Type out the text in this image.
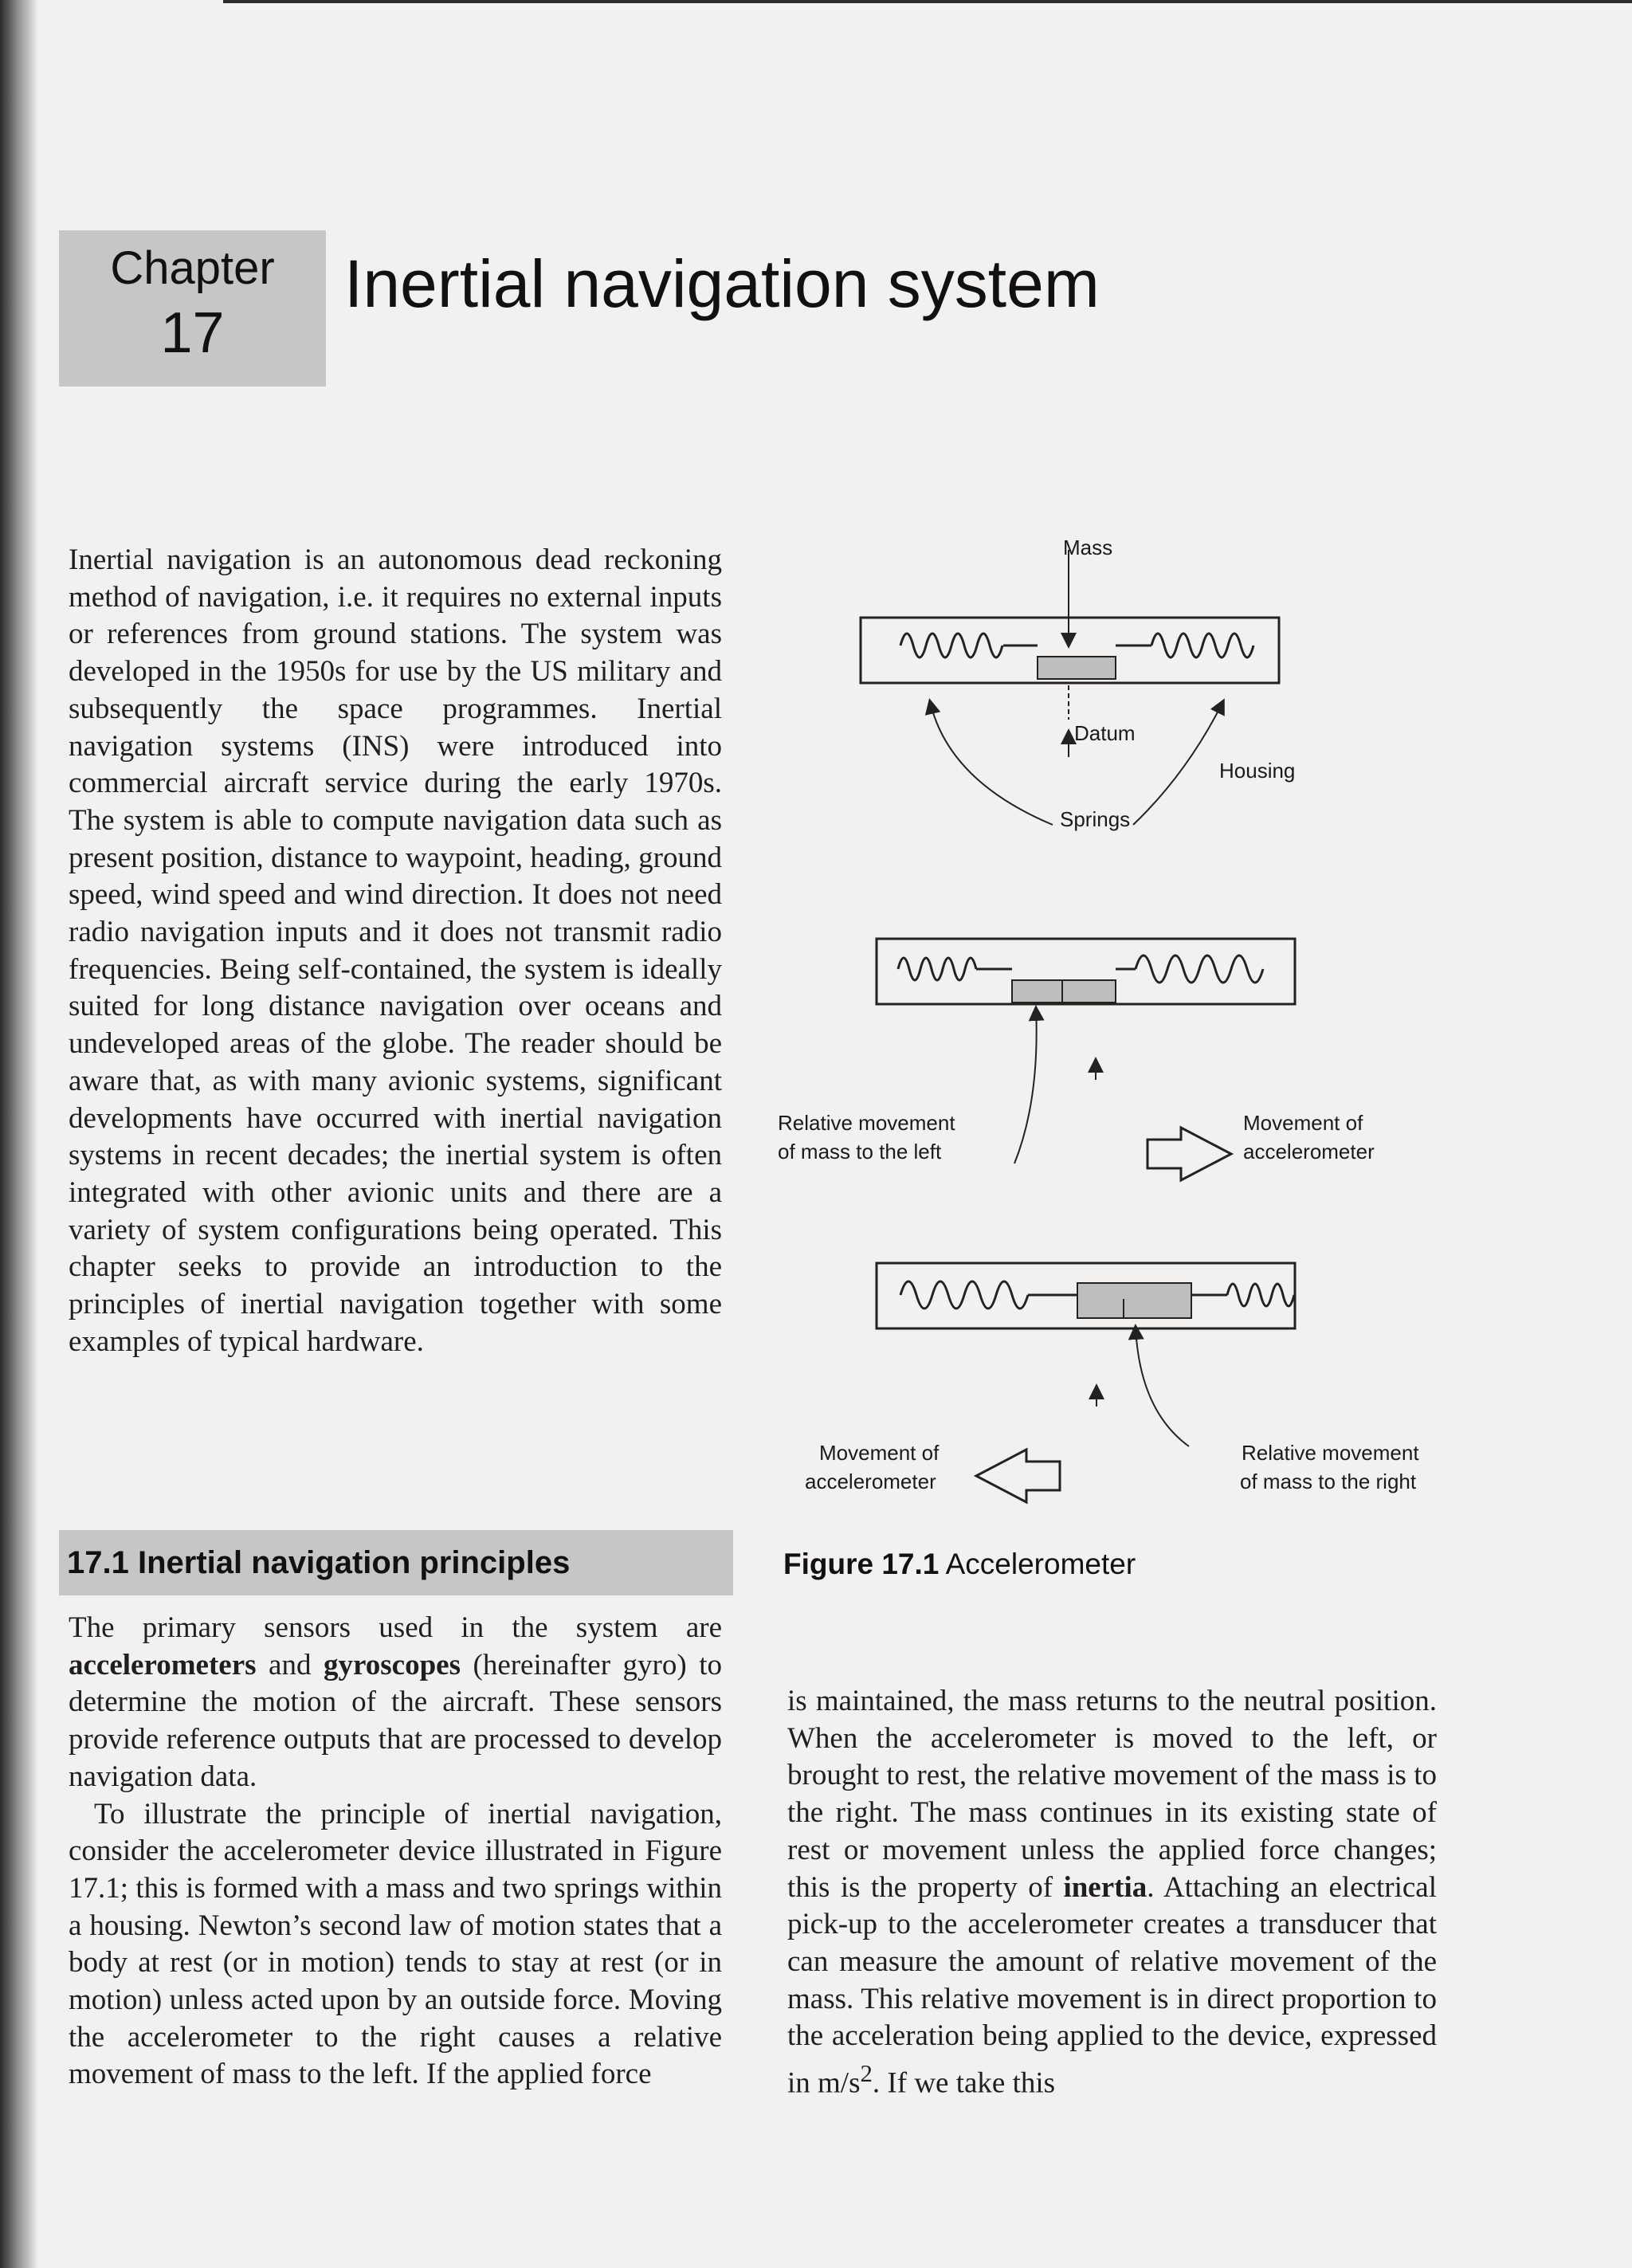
Chapter
17
Inertial navigation system

Inertial navigation is an autonomous dead reckoning method of navigation, i.e. it requires no external inputs or references from ground stations. The system was developed in the 1950s for use by the US military and subsequently the space programmes. Inertial navigation systems (INS) were introduced into commercial aircraft service during the early 1970s. The system is able to compute navigation data such as present position, distance to waypoint, heading, ground speed, wind speed and wind direction. It does not need radio navigation inputs and it does not transmit radio frequencies. Being self-contained, the system is ideally suited for long distance navigation over oceans and undeveloped areas of the globe. The reader should be aware that, as with many avionic systems, significant developments have occurred with inertial navigation systems in recent decades; the inertial system is often integrated with other avionic units and there are a variety of system configurations being operated. This chapter seeks to provide an introduction to the principles of inertial navigation together with some examples of typical hardware.

17.1 Inertial navigation principles

The primary sensors used in the system are accelerometers and gyroscopes (hereinafter gyro) to determine the motion of the aircraft. These sensors provide reference outputs that are processed to develop navigation data.

To illustrate the principle of inertial navigation, consider the accelerometer device illustrated in Figure 17.1; this is formed with a mass and two springs within a housing. Newton’s second law of motion states that a body at rest (or in motion) tends to stay at rest (or in motion) unless acted upon by an outside force. Moving the accelerometer to the right causes a relative movement of mass to the left. If the applied force

is maintained, the mass returns to the neutral position. When the accelerometer is moved to the left, or brought to rest, the relative movement of the mass is to the right. The mass continues in its existing state of rest or movement unless the applied force changes; this is the property of inertia. Attaching an electrical pick-up to the accelerometer creates a transducer that can measure the amount of relative movement of the mass. This relative movement is in direct proportion to the acceleration being applied to the device, expressed in $m/s^2$. If we take this

Mass
Datum
Housing
Springs
Relative movement
of mass to the left
Movement of
accelerometer
Movement of
accelerometer
Relative movement
of mass to the right
Figure 17.1 Accelerometer
